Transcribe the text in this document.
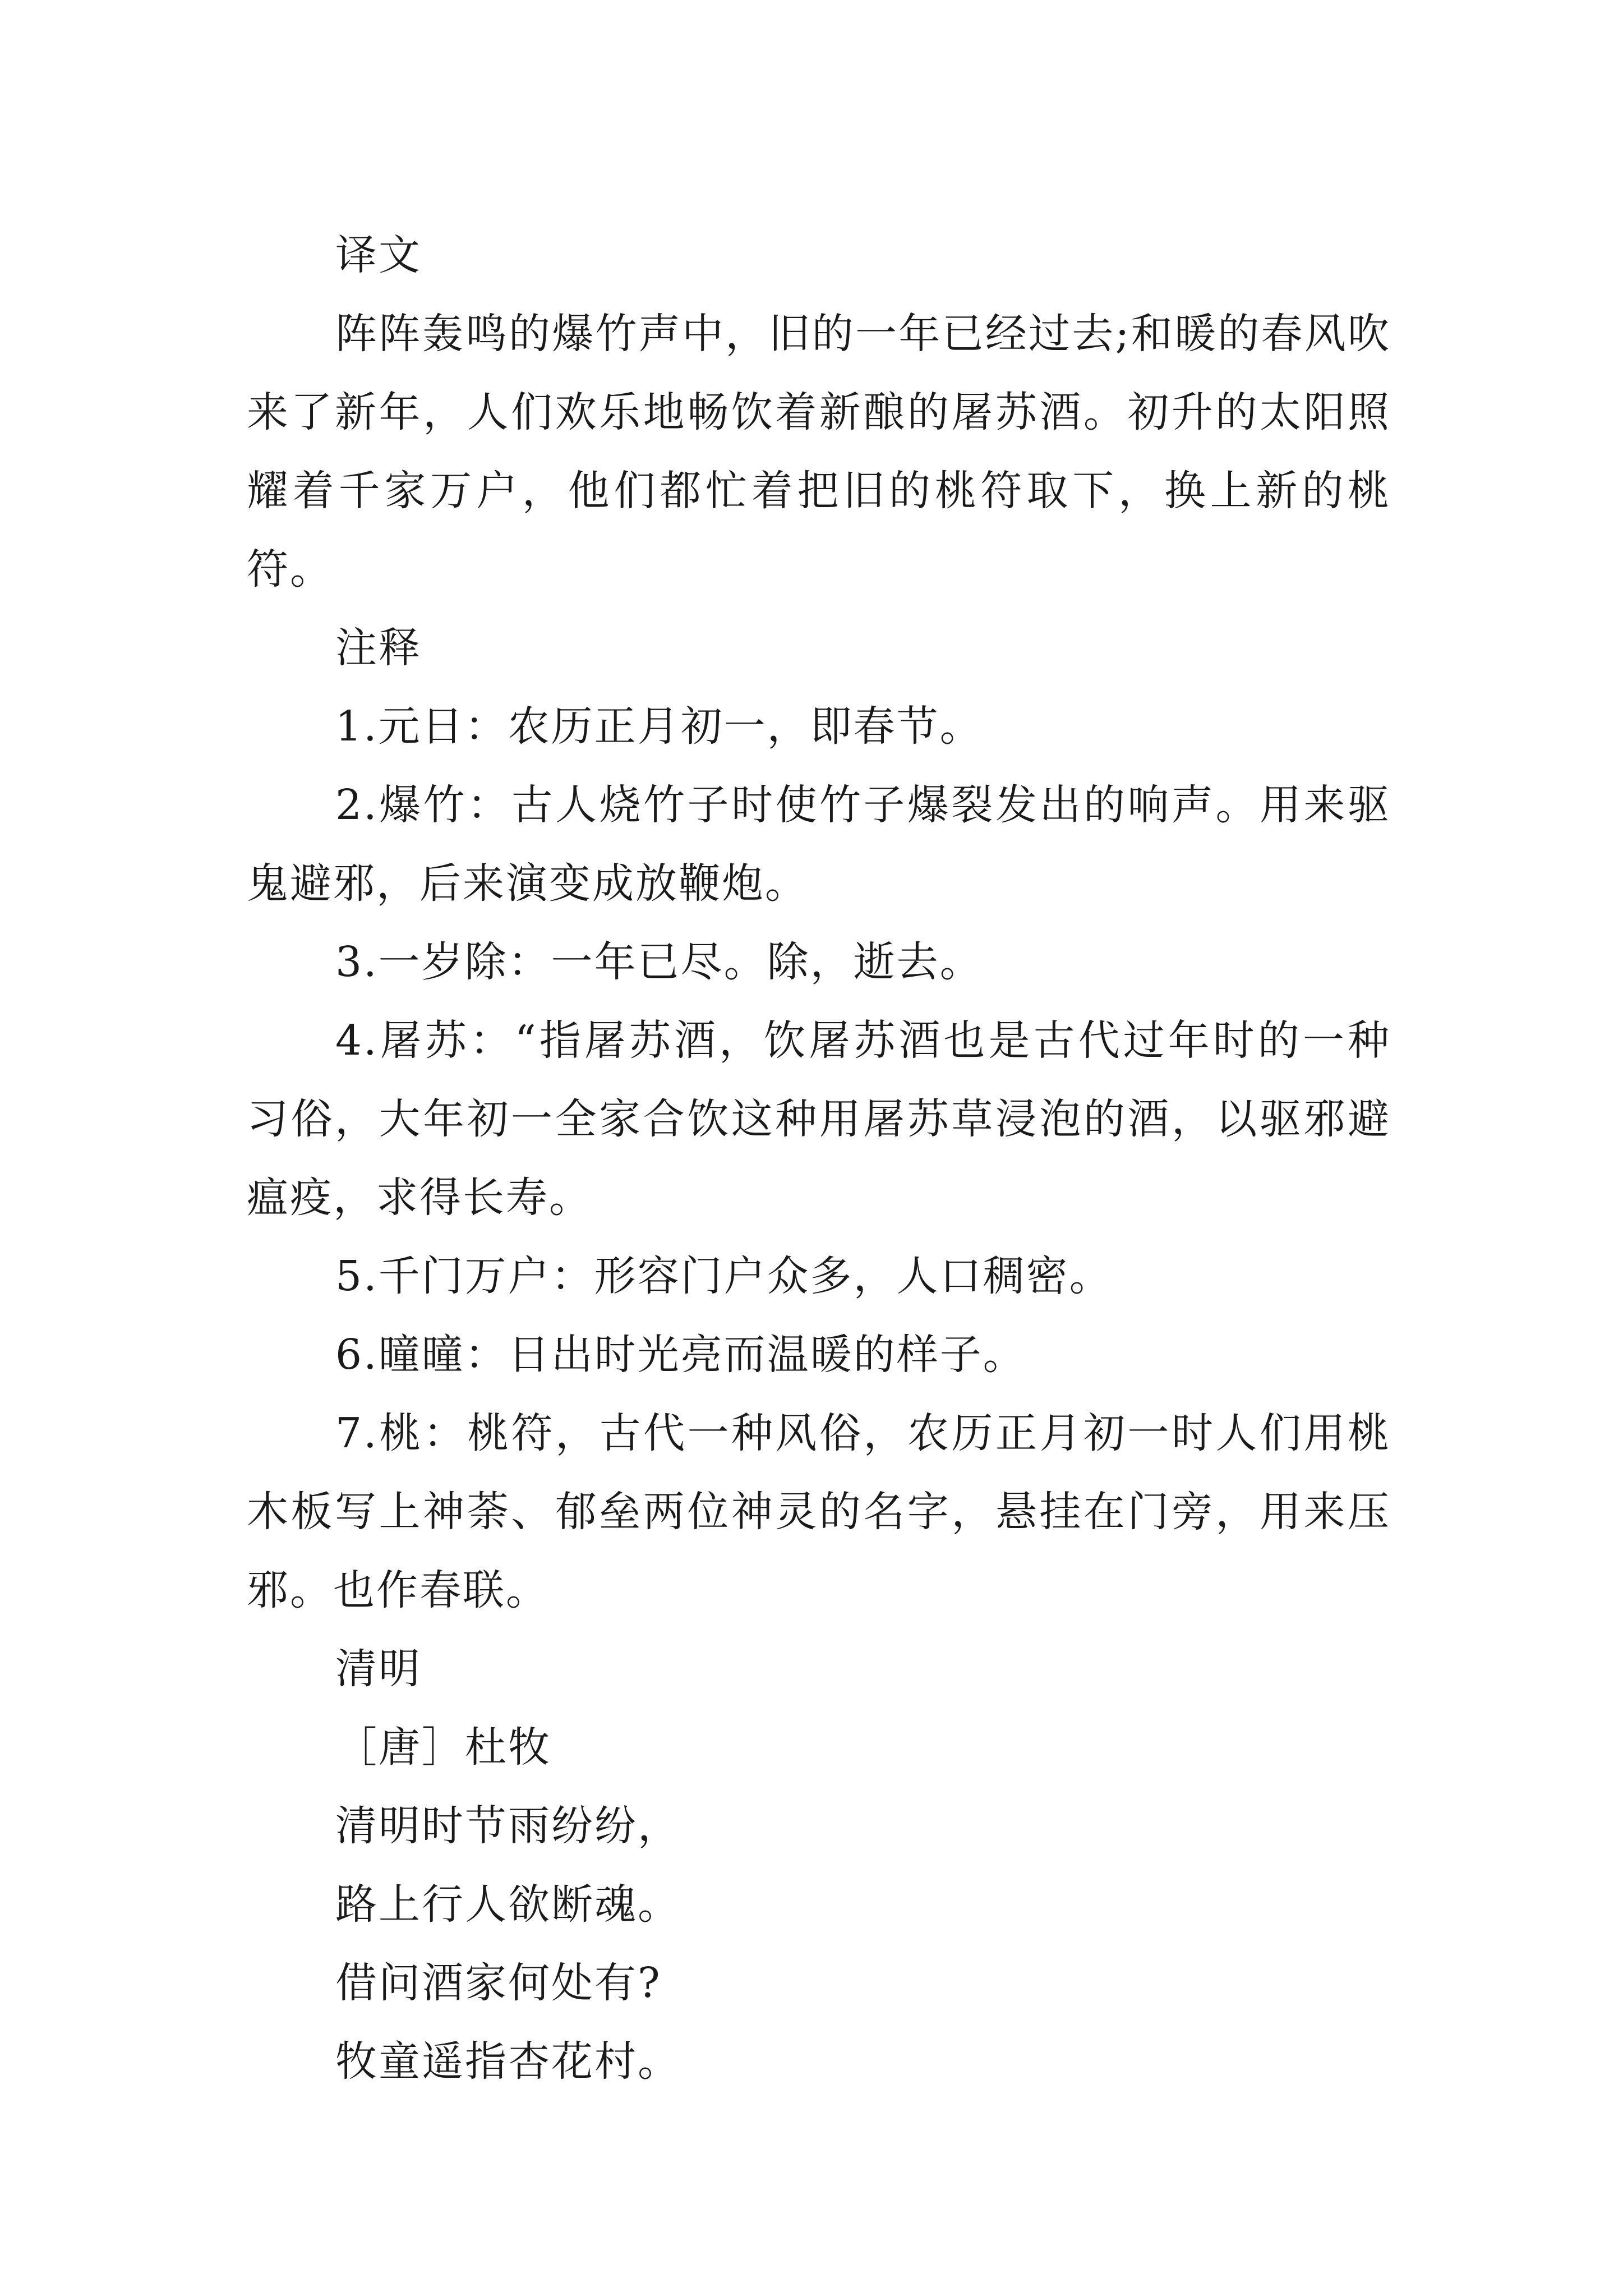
译文

阵阵轰鸣的爆竹声中，旧的一年已经过去;和暖的春风吹来了新年，人们欢乐地畅饮着新酿的屠苏酒。初升的太阳照耀着千家万户，他们都忙着把旧的桃符取下，换上新的桃符。

注释

1.元日：农历正月初一，即春节。

2.爆竹：古人烧竹子时使竹子爆裂发出的响声。用来驱鬼避邪，后来演变成放鞭炮。

3.一岁除：一年已尽。除，逝去。

4.屠苏：“指屠苏酒，饮屠苏酒也是古代过年时的一种习俗，大年初一全家合饮这种用屠苏草浸泡的酒，以驱邪避瘟疫，求得长寿。

5.千门万户：形容门户众多，人口稠密。

6.曈曈：日出时光亮而温暖的样子。

7.桃：桃符，古代一种风俗，农历正月初一时人们用桃木板写上神荼、郁垒两位神灵的名字，悬挂在门旁，用来压邪。也作春联。

清明

［唐］杜牧

清明时节雨纷纷，

路上行人欲断魂。

借问酒家何处有?

牧童遥指杏花村。
